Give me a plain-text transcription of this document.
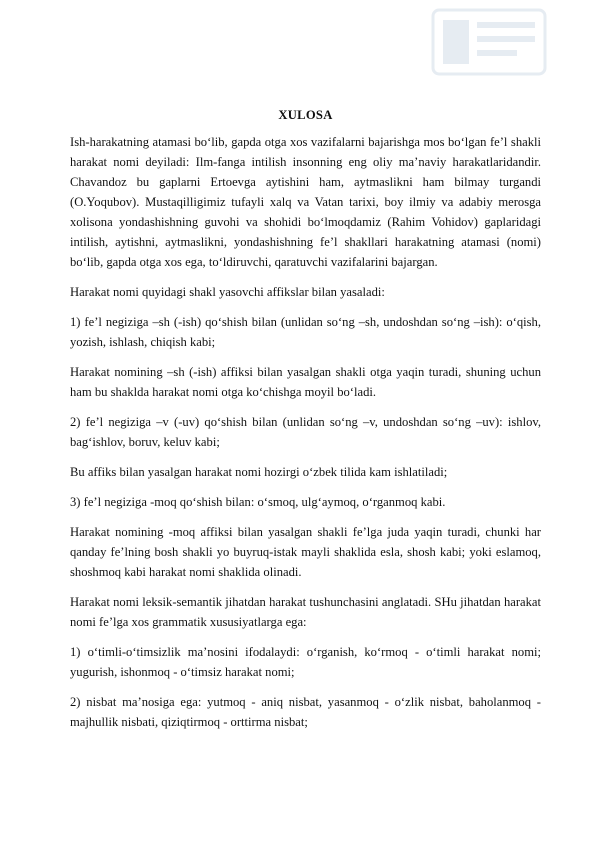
XULOSA

Ish-harakatning atamasi bo‘lib, gapda otga xos vazifalarni bajarishga mos bo‘lgan fe’l shakli harakat nomi deyiladi: Ilm-fanga intilish insonning eng oliy ma’naviy harakatlaridandir. Chavandoz bu gaplarni Ertoevga aytishini ham, aytmaslikni ham bilmay turgandi (O.Yoqubov). Mustaqilligimiz tufayli xalq va Vatan tarixi, boy ilmiy va adabiy merosga xolisona yondashishning guvohi va shohidi bo‘lmoqdamiz (Rahim Vohidov) gaplaridagi intilish, aytishni, aytmaslikni, yondashishning fe’l shakllari harakatning atamasi (nomi) bo‘lib, gapda otga xos ega, to‘ldiruvchi, qaratuvchi vazifalarini bajargan.

Harakat nomi quyidagi shakl yasovchi affikslar bilan yasaladi:

1) fe’l negiziga –sh (-ish) qo‘shish bilan (unlidan so‘ng –sh, undoshdan so‘ng –ish): o‘qish, yozish, ishlash, chiqish kabi;

Harakat nomining –sh (-ish) affiksi bilan yasalgan shakli otga yaqin turadi, shuning uchun ham bu shaklda harakat nomi otga ko‘chishga moyil bo‘ladi.

2) fe’l negiziga –v (-uv) qo‘shish bilan (unlidan so‘ng –v, undoshdan so‘ng –uv): ishlov, bag‘ishlov, boruv, keluv kabi;

Bu affiks bilan yasalgan harakat nomi hozirgi o‘zbek tilida kam ishlatiladi;

3) fe’l negiziga -moq qo‘shish bilan: o‘smoq, ulg‘aymoq, o‘rganmoq kabi.

Harakat nomining -moq affiksi bilan yasalgan shakli fe’lga juda yaqin turadi, chunki har qanday fe’lning bosh shakli yo buyruq-istak mayli shaklida esla, shosh kabi; yoki eslamoq, shoshmoq kabi harakat nomi shaklida olinadi.

Harakat nomi leksik-semantik jihatdan harakat tushunchasini anglatadi. SHu jihatdan harakat nomi fe’lga xos grammatik xususiyatlarga ega:

1) o‘timli-o‘timsizlik ma’nosini ifodalaydi: o‘rganish, ko‘rmoq - o‘timli harakat nomi; yugurish, ishonmoq - o‘timsiz harakat nomi;

2) nisbat ma’nosiga ega: yutmoq - aniq nisbat, yasanmoq - o‘zlik nisbat, baholanmoq - majhullik nisbati, qiziqtirmoq - orttirma nisbat;
